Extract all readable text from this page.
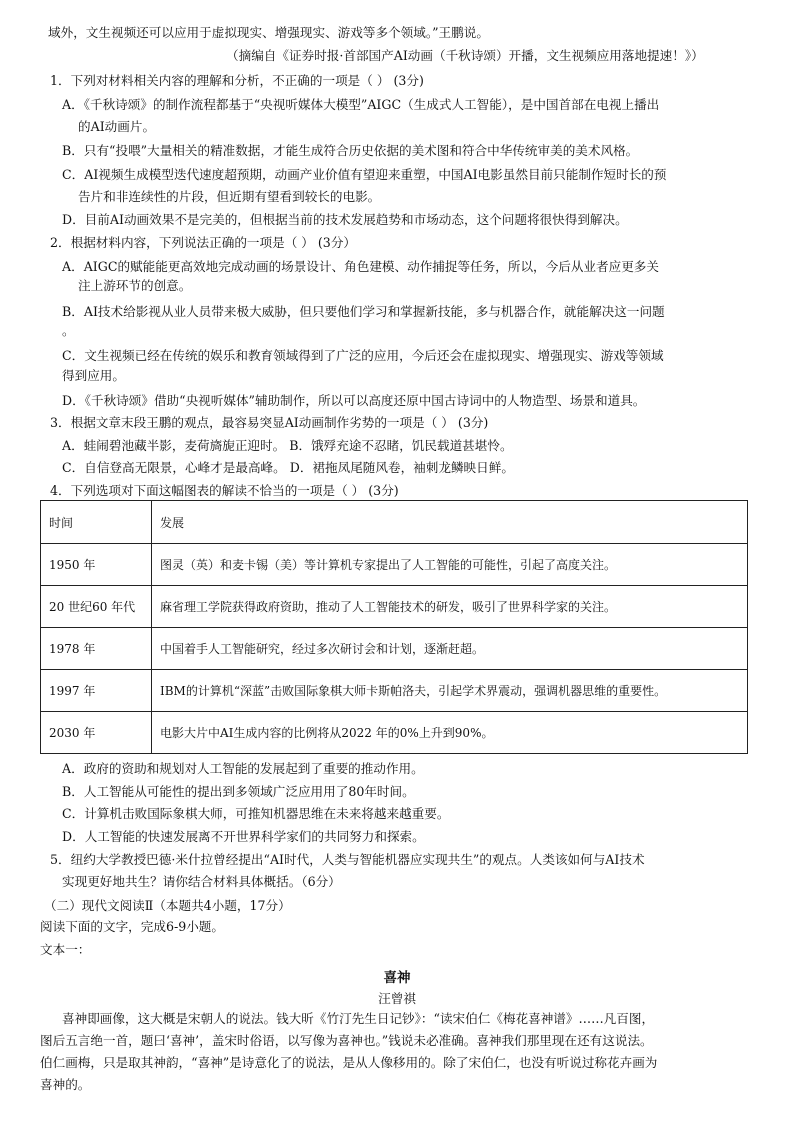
域外，文生视频还可以应用于虚拟现实、增强现实、游戏等多个领域。”王鹏说。
（摘编自《证券时报·首部国产AI动画（千秋诗颂）开播，文生视频应用落地提速！》）
1．下列对材料相关内容的理解和分析，不正确的一项是（ ） (3分)
A．《千秋诗颂》的制作流程都基于“央视听媒体大模型”AIGC（生成式人工智能），是中国首部在电视上播出
的AI动画片。
B．只有“投喂”大量相关的精准数据，才能生成符合历史依据的美术图和符合中华传统审美的美术风格。
C．AI视频生成模型迭代速度超预期，动画产业价值有望迎来重塑，中国AI电影虽然目前只能制作短时长的预
告片和非连续性的片段，但近期有望看到较长的电影。
D．目前AI动画效果不是完美的，但根据当前的技术发展趋势和市场动态，这个问题将很快得到解决。
2．根据材料内容，下列说法正确的一项是（ ） (3分）
A．AIGC的赋能能更高效地完成动画的场景设计、角色建模、动作捕捉等任务，所以，今后从业者应更多关
注上游环节的创意。
B．AI技术给影视从业人员带来极大威胁，但只要他们学习和掌握新技能，多与机器合作，就能解决这一问题
。
C．文生视频已经在传统的娱乐和教育领域得到了广泛的应用，今后还会在虚拟现实、增强现实、游戏等领域
得到应用。
D．《千秋诗颂》借助“央视听媒体”辅助制作，所以可以高度还原中国古诗词中的人物造型、场景和道具。
3．根据文章末段王鹏的观点，最容易突显AI动画制作劣势的一项是（ ） (3分)
A．蛙闹碧池藏半影，麦荷旖旎正迎时。 B．饿殍充途不忍睹，饥民载道甚堪怜。
C．自信登高无限景，心峰才是最高峰。 D．裙拖凤尾随风卷，袖刺龙鳞映日鲜。
4．下列选项对下面这幅图表的解读不恰当的一项是（ ） (3分)
时间	发展
1950 年	图灵（英）和麦卡锡（美）等计算机专家提出了人工智能的可能性，引起了高度关注。
20 世纪60 年代	麻省理工学院获得政府资助，推动了人工智能技术的研发，吸引了世界科学家的关注。
1978 年	中国着手人工智能研究，经过多次研讨会和计划，逐渐赶超。
1997 年	IBM的计算机“深蓝”击败国际象棋大师卡斯帕洛夫，引起学术界震动，强调机器思维的重要性。
2030 年	电影大片中AI生成内容的比例将从2022 年的0%上升到90%。
A．政府的资助和规划对人工智能的发展起到了重要的推动作用。
B．人工智能从可能性的提出到多领域广泛应用用了80年时间。
C．计算机击败国际象棋大师，可推知机器思维在未来将越来越重要。
D．人工智能的快速发展离不开世界科学家们的共同努力和探索。
5．纽约大学教授巴德·米什拉曾经提出“AI时代，人类与智能机器应实现共生”的观点。人类该如何与AI技术
实现更好地共生？请你结合材料具体概括。（6分）
（二）现代文阅读Ⅱ（本题共4小题，17分）
阅读下面的文字，完成6-9小题。
文本一：
喜神
汪曾祺
喜神即画像，这大概是宋朝人的说法。钱大昕《竹汀先生日记钞》：“读宋伯仁《梅花喜神谱》……凡百图，
图后五言绝一首，题曰‘喜神’，盖宋时俗语，以写像为喜神也。”钱说未必准确。喜神我们那里现在还有这说法。
伯仁画梅，只是取其神韵，“喜神”是诗意化了的说法，是从人像移用的。除了宋伯仁，也没有听说过称花卉画为
喜神的。
